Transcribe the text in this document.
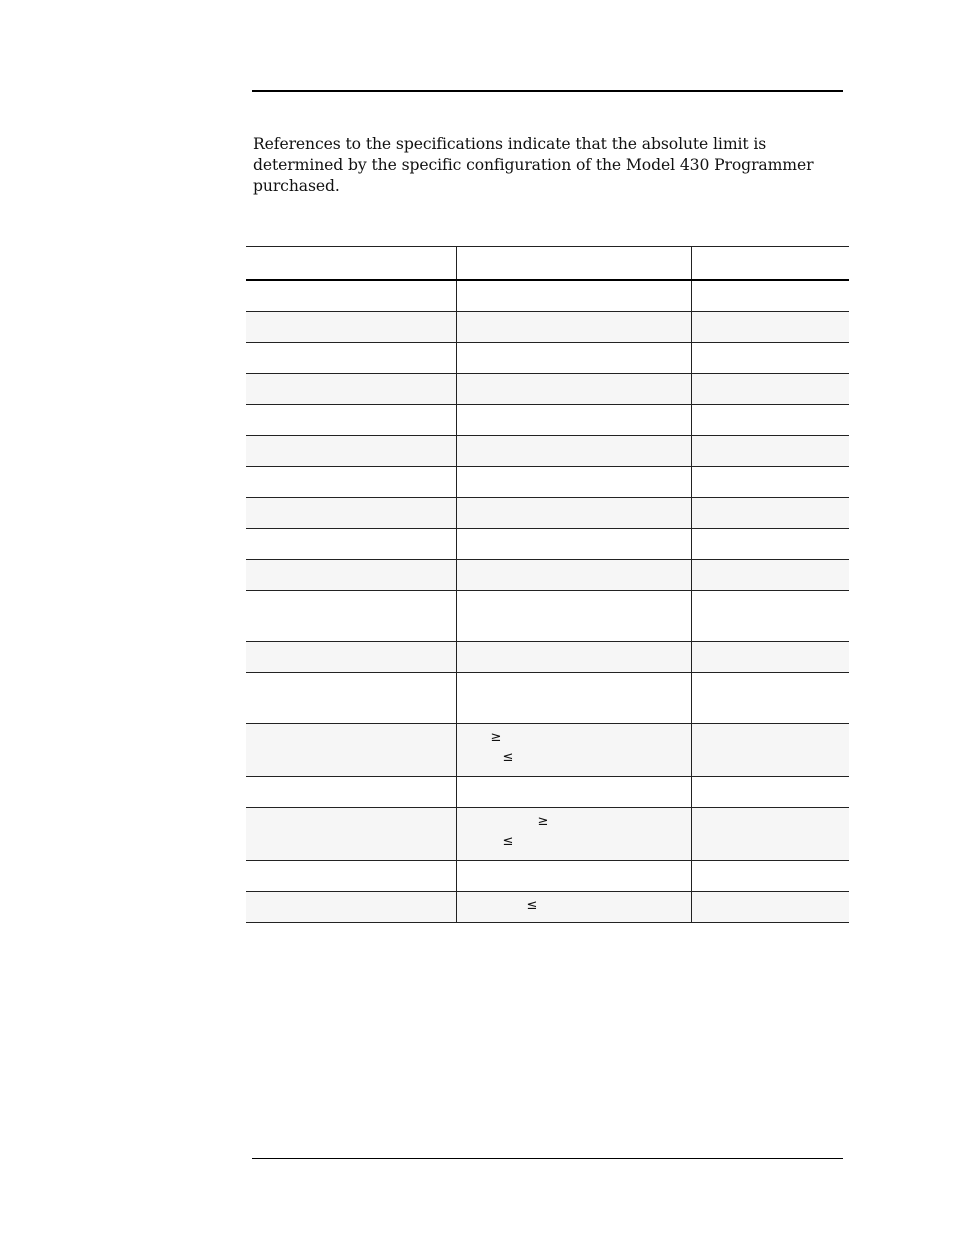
References to the specifications indicate that the absolute limit is determined by the specific configuration of the Model 430 Programmer purchased.

	≥
≤	

	≥
≤	

	≤	
